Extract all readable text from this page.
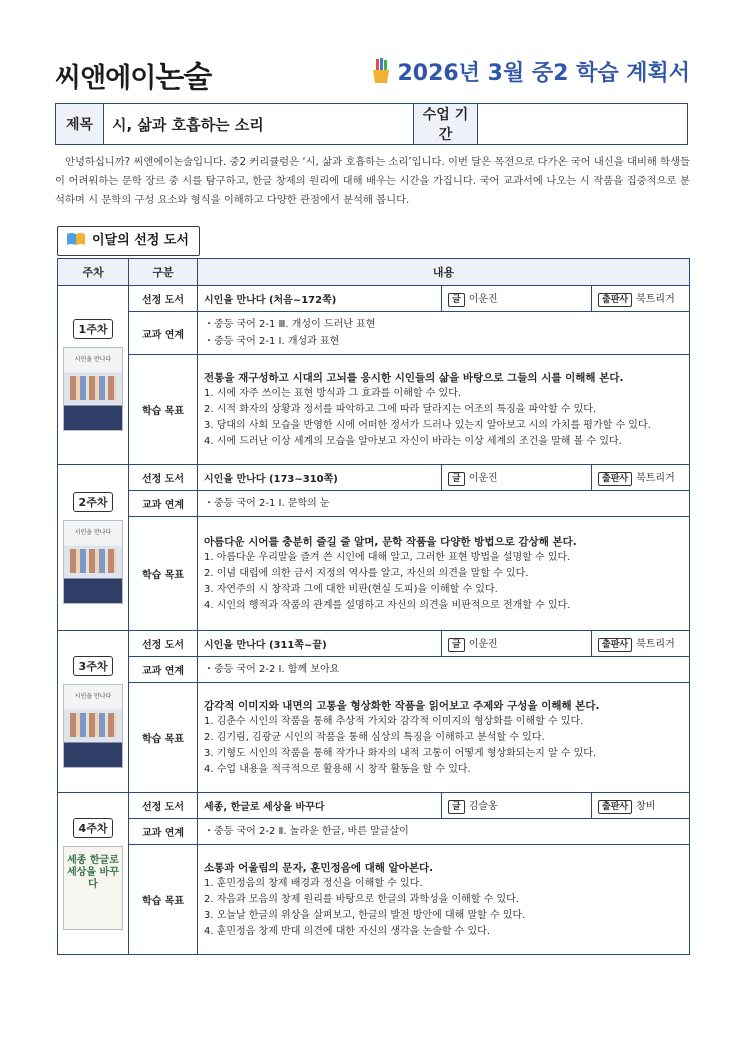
씨앤에이논술	2026년 3월 중2 학습 계획서
제목	시, 삶과 호흡하는 소리	수업 기간	
안녕하십니까? 씨앤에이논술입니다. 중2 커리큘럼은 ‘시, 삶과 호흡하는 소리’입니다. 이번 달은 목전으로 다가온 국어 내신을 대비해 학생들이 어려워하는 문학 장르 중 시를 탐구하고, 한글 창제의 원리에 대해 배우는 시간을 가집니다. 국어 교과서에 나오는 시 작품을 집중적으로 분석하며 시 문학의 구성 요소와 형식을 이해하고 다양한 관점에서 분석해 봅니다.
이달의 선정 도서
주차	구분	내용		
1주차
시인을 만나다	선정 도서	시인을 만나다 (처음~172쪽)	글 이운진	출판사 북트리거
	교과 연계	・중등 국어 2-1 Ⅲ. 개성이 드러난 표현
・중등 국어 2-1 Ⅰ. 개성과 표현		

	학습 목표	전통을 재구성하고 시대의 고뇌를 응시한 시인들의 삶을 바탕으로 그들의 시를 이해해 본다.
1. 시에 자주 쓰이는 표현 방식과 그 효과를 이해할 수 있다.
2. 시적 화자의 상황과 정서를 파악하고 그에 따라 달라지는 어조의 특징을 파악할 수 있다.
3. 당대의 사회 모습을 반영한 시에 어떠한 정서가 드러나 있는지 알아보고 시의 가치를 평가할 수 있다.
4. 시에 드러난 이상 세계의 모습을 알아보고 자신이 바라는 이상 세계의 조건을 말해 볼 수 있다.		

2주차
시인을 만나다	선정 도서	시인을 만나다 (173~310쪽)	글 이운진	출판사 북트리거
	교과 연계	・중등 국어 2-1 Ⅰ. 문학의 눈		

	학습 목표	아름다운 시어를 충분히 즐길 줄 알며, 문학 작품을 다양한 방법으로 감상해 본다.
1. 아름다운 우리말을 즐겨 쓴 시인에 대해 알고, 그러한 표현 방법을 설명할 수 있다.
2. 이념 대립에 의한 금서 지정의 역사를 알고, 자신의 의견을 말할 수 있다.
3. 자연주의 시 창작과 그에 대한 비판(현실 도피)을 이해할 수 있다.
4. 시인의 행적과 작품의 관계를 설명하고 자신의 의견을 비판적으로 전개할 수 있다.		

3주차
시인을 만나다	선정 도서	시인을 만나다 (311쪽~끝)	글 이운진	출판사 북트리거
	교과 연계	・중등 국어 2-2 Ⅰ. 함께 보아요		

	학습 목표	감각적 이미지와 내면의 고통을 형상화한 작품을 읽어보고 주제와 구성을 이해해 본다.
1. 김춘수 시인의 작품을 통해 추상적 가치와 감각적 이미지의 형상화를 이해할 수 있다.
2. 김기림, 김광균 시인의 작품을 통해 심상의 특징을 이해하고 분석할 수 있다.
3. 기형도 시인의 작품을 통해 작가나 화자의 내적 고통이 어떻게 형상화되는지 알 수 있다.
4. 수업 내용을 적극적으로 활용해 시 창작 활동을 할 수 있다.		

4주차
세종 한글로 세상을 바꾸다	선정 도서	세종, 한글로 세상을 바꾸다	글 김슬옹	출판사 창비
	교과 연계	・중등 국어 2-2 Ⅱ. 놀라운 한글, 바른 말글살이		

	학습 목표	소통과 어울림의 문자, 훈민정음에 대해 알아본다.
1. 훈민정음의 창제 배경과 정신을 이해할 수 있다.
2. 자음과 모음의 창제 원리를 바탕으로 한글의 과학성을 이해할 수 있다.
3. 오늘날 한글의 위상을 살펴보고, 한글의 발전 방안에 대해 말할 수 있다.
4. 훈민정음 창제 반대 의견에 대한 자신의 생각을 논술할 수 있다.		
